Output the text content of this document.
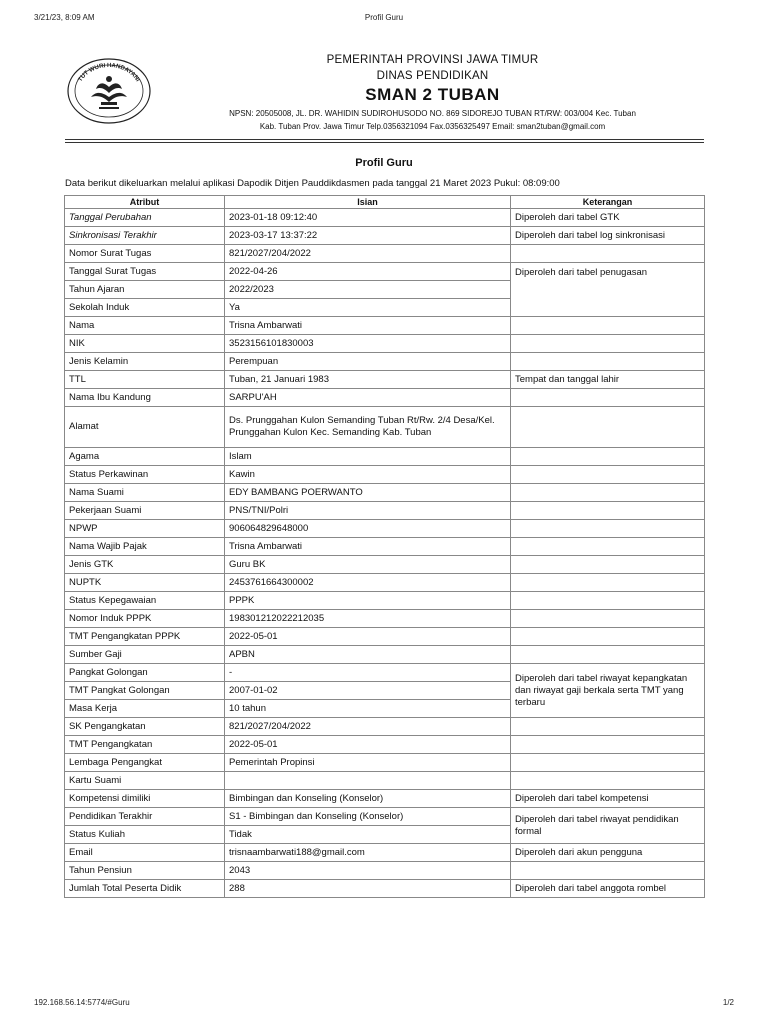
3/21/23, 8:09 AM	Profil Guru
TUT WURI HANDAYANI
PEMERINTAH PROVINSI JAWA TIMUR
DINAS PENDIDIKAN
SMAN 2 TUBAN
NPSN: 20505008, JL. DR. WAHIDIN SUDIROHUSODO NO. 869 SIDOREJO TUBAN RT/RW: 003/004 Kec. Tuban
Kab. Tuban Prov. Jawa Timur Telp.0356321094 Fax.0356325497 Email: sman2tuban@gmail.com
Profil Guru
Data berikut dikeluarkan melalui aplikasi Dapodik Ditjen Pauddikdasmen pada tanggal 21 Maret 2023 Pukul: 08:09:00
Atribut	Isian	Keterangan
Tanggal Perubahan	2023-01-18 09:12:40	Diperoleh dari tabel GTK
Sinkronisasi Terakhir	2023-03-17 13:37:22	Diperoleh dari tabel log sinkronisasi
Nomor Surat Tugas	821/2027/204/2022	
Tanggal Surat Tugas	2022-04-26	Diperoleh dari tabel penugasan
Tahun Ajaran	2022/2023	
Sekolah Induk	Ya	
Nama	Trisna Ambarwati	
NIK	3523156101830003	
Jenis Kelamin	Perempuan	
TTL	Tuban, 21 Januari 1983	Tempat dan tanggal lahir
Nama Ibu Kandung	SARPU'AH	
Alamat	Ds. Prunggahan Kulon Semanding Tuban Rt/Rw. 2/4 Desa/Kel. Prunggahan Kulon Kec. Semanding Kab. Tuban	
Agama	Islam	
Status Perkawinan	Kawin	
Nama Suami	EDY BAMBANG POERWANTO	
Pekerjaan Suami	PNS/TNI/Polri	
NPWP	906064829648000	
Nama Wajib Pajak	Trisna Ambarwati	
Jenis GTK	Guru BK	
NUPTK	2453761664300002	
Status Kepegawaian	PPPK	
Nomor Induk PPPK	198301212022212035	
TMT Pengangkatan PPPK	2022-05-01	
Sumber Gaji	APBN	
Pangkat Golongan	-	Diperoleh dari tabel riwayat kepangkatan dan riwayat gaji berkala serta TMT yang terbaru
TMT Pangkat Golongan	2007-01-02	
Masa Kerja	10 tahun	
SK Pengangkatan	821/2027/204/2022	
TMT Pengangkatan	2022-05-01	
Lembaga Pengangkat	Pemerintah Propinsi	
Kartu Suami		
Kompetensi dimiliki	Bimbingan dan Konseling (Konselor)	Diperoleh dari tabel kompetensi
Pendidikan Terakhir	S1 - Bimbingan dan Konseling (Konselor)	Diperoleh dari tabel riwayat pendidikan formal
Status Kuliah	Tidak	
Email	trisnaambarwati188@gmail.com	Diperoleh dari akun pengguna
Tahun Pensiun	2043	
Jumlah Total Peserta Didik	288	Diperoleh dari tabel anggota rombel
192.168.56.14:5774/#Guru	1/2
